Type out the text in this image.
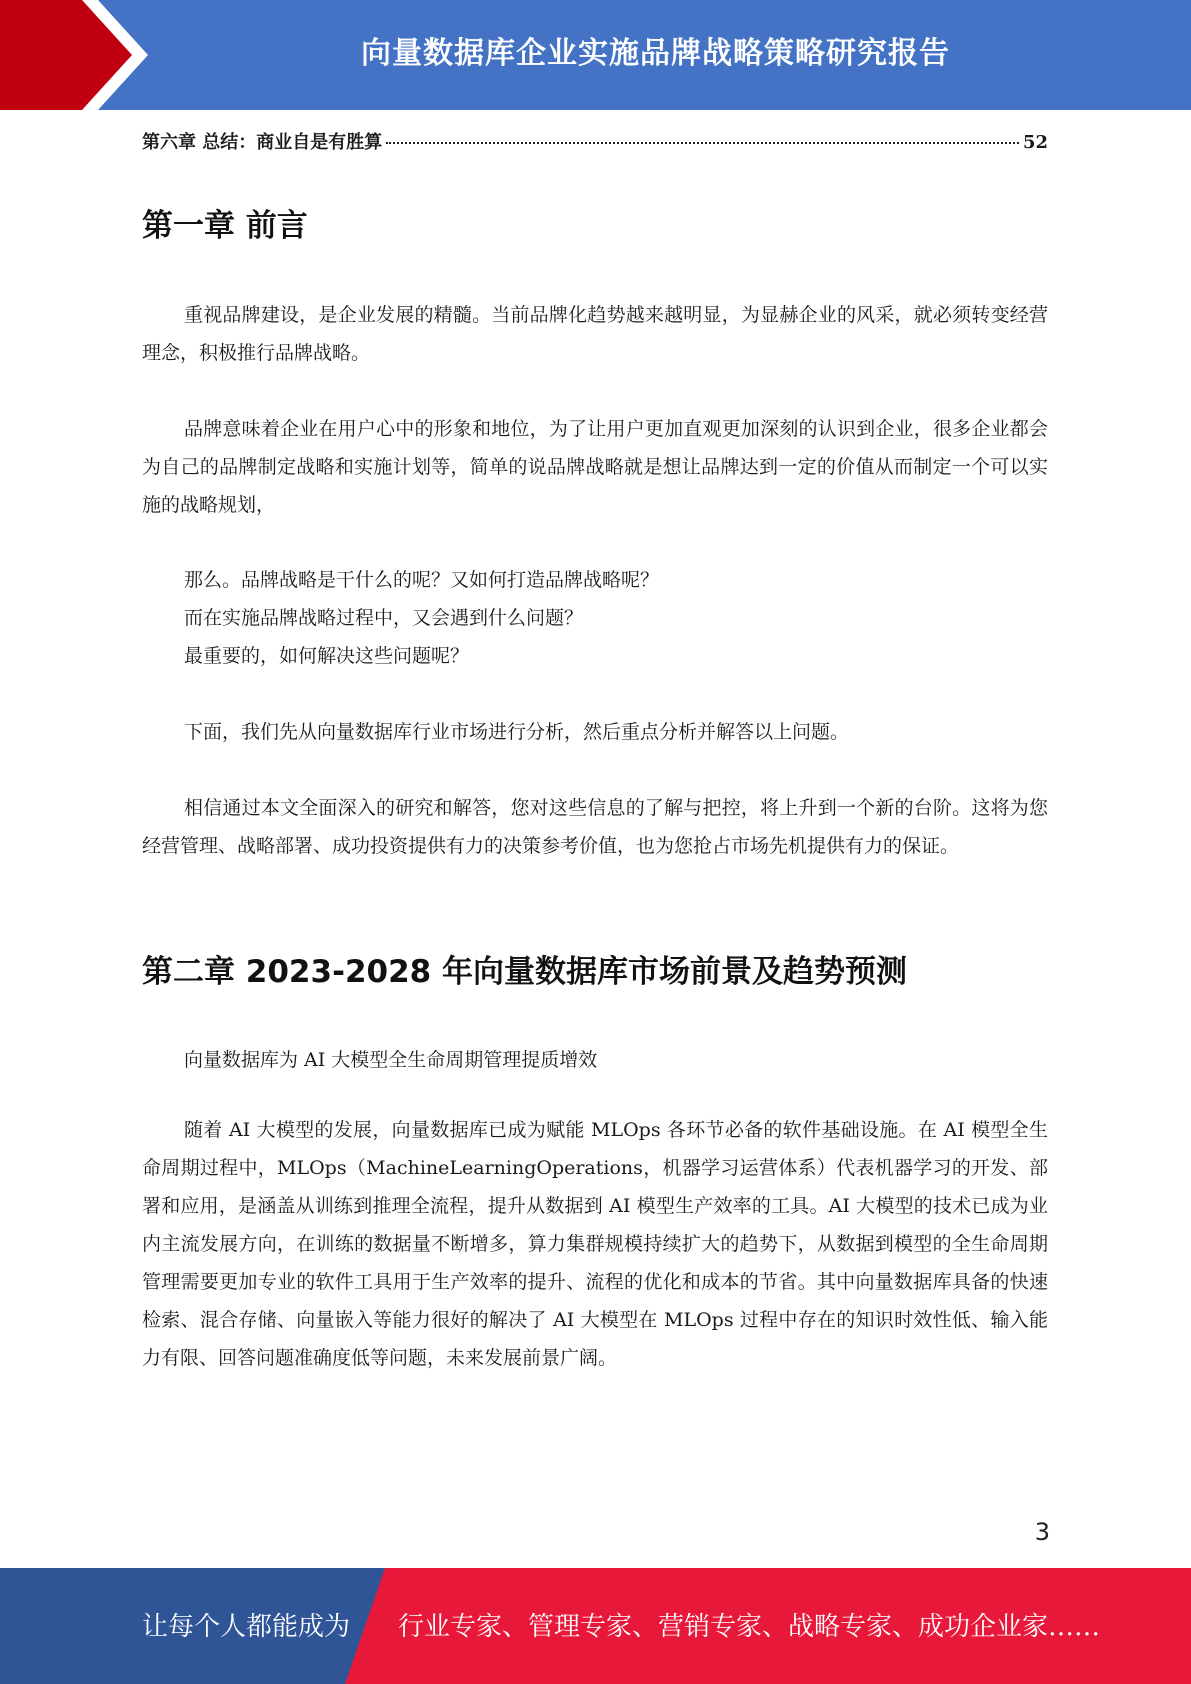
向量数据库企业实施品牌战略策略研究报告
第六章 总结：商业自是有胜算	52
第一章 前言

重视品牌建设，是企业发展的精髓。当前品牌化趋势越来越明显，为显赫企业的风采，就必须转变经营理念，积极推行品牌战略。

品牌意味着企业在用户心中的形象和地位，为了让用户更加直观更加深刻的认识到企业，很多企业都会为自己的品牌制定战略和实施计划等，简单的说品牌战略就是想让品牌达到一定的价值从而制定一个可以实施的战略规划，

那么。品牌战略是干什么的呢？又如何打造品牌战略呢？

而在实施品牌战略过程中，又会遇到什么问题？

最重要的，如何解决这些问题呢？

下面，我们先从向量数据库行业市场进行分析，然后重点分析并解答以上问题。

相信通过本文全面深入的研究和解答，您对这些信息的了解与把控，将上升到一个新的台阶。这将为您经营管理、战略部署、成功投资提供有力的决策参考价值，也为您抢占市场先机提供有力的保证。

第二章 2023-2028 年向量数据库市场前景及趋势预测

向量数据库为 AI 大模型全生命周期管理提质增效

随着 AI 大模型的发展，向量数据库已成为赋能 MLOps 各环节必备的软件基础设施。在 AI 模型全生命周期过程中，MLOps（MachineLearningOperations，机器学习运营体系）代表机器学习的开发、部署和应用，是涵盖从训练到推理全流程，提升从数据到 AI 模型生产效率的工具。AI 大模型的技术已成为业内主流发展方向，在训练的数据量不断增多，算力集群规模持续扩大的趋势下，从数据到模型的全生命周期管理需要更加专业的软件工具用于生产效率的提升、流程的优化和成本的节省。其中向量数据库具备的快速检索、混合存储、向量嵌入等能力很好的解决了 AI 大模型在 MLOps 过程中存在的知识时效性低、输入能力有限、回答问题准确度低等问题，未来发展前景广阔。

3
让每个人都能成为 行业专家、管理专家、营销专家、战略专家、成功企业家……
